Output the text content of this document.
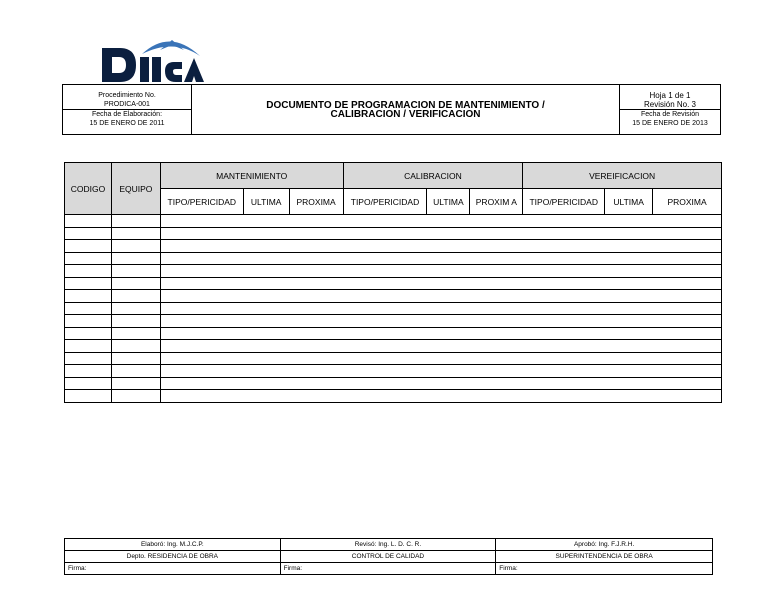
Procedimiento No.
PRODICA-001
Fecha de Elaboración:
15 DE ENERO DE 2011

DOCUMENTO DE PROGRAMACION DE MANTENIMIENTO /
CALIBRACION / VERIFICACION

Hoja 1 de 1
Revisión No. 3
Fecha de Revisión
15 DE ENERO DE 2013
CODIGO	EQUIPO	MANTENIMIENTO			CALIBRACION			VEREIFICACION		
		TIPO/PERICIDAD	ULTIMA	PROXIMA	TIPO/PERICIDAD	ULTIMA	PROXIM A	TIPO/PERICIDAD	ULTIMA	PROXIMA

Elaboró: Ing. M.J.C.P.	Revisó: Ing. L. D. C. R.	Aprobó: Ing. F.J.R.H.
Depto. RESIDENCIA DE OBRA	CONTROL DE CALIDAD	SUPERINTENDENCIA DE OBRA
Firma:	Firma:	Firma:
